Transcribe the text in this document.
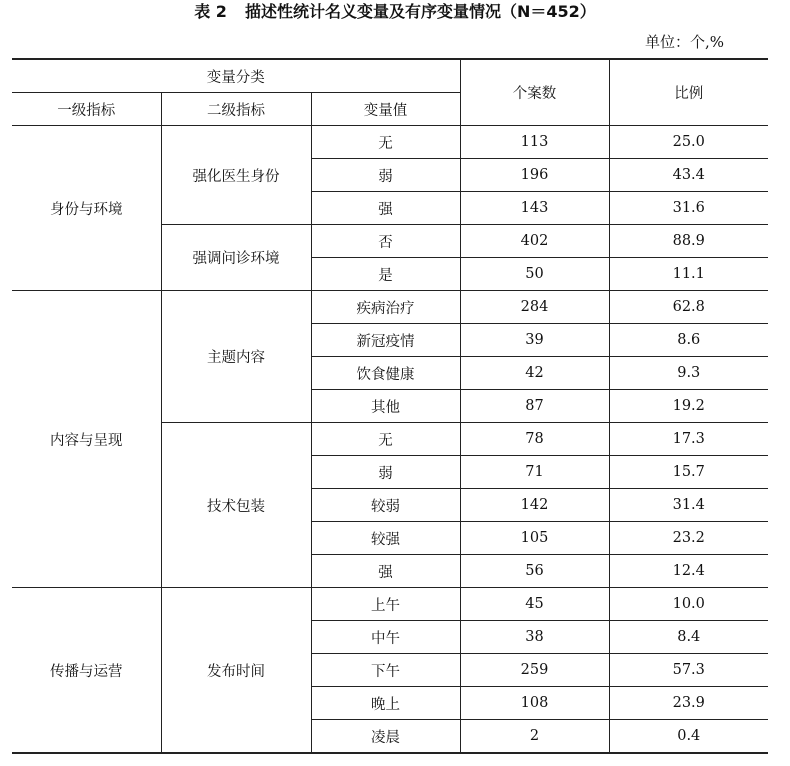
表 2 描述性统计名义变量及有序变量情况（N＝452）
单位：个,%
变量分类			个案数	比例
一级指标	二级指标	变量值		
身份与环境	强化医生身份	无	113	25.0
		弱	196	43.4
		强	143	31.6
	强调问诊环境	否	402	88.9
		是	50	11.1
内容与呈现	主题内容	疾病治疗	284	62.8
		新冠疫情	39	8.6
		饮食健康	42	9.3
		其他	87	19.2
	技术包装	无	78	17.3
		弱	71	15.7
		较弱	142	31.4
		较强	105	23.2
		强	56	12.4
传播与运营	发布时间	上午	45	10.0
		中午	38	8.4
		下午	259	57.3
		晚上	108	23.9
		凌晨	2	0.4
